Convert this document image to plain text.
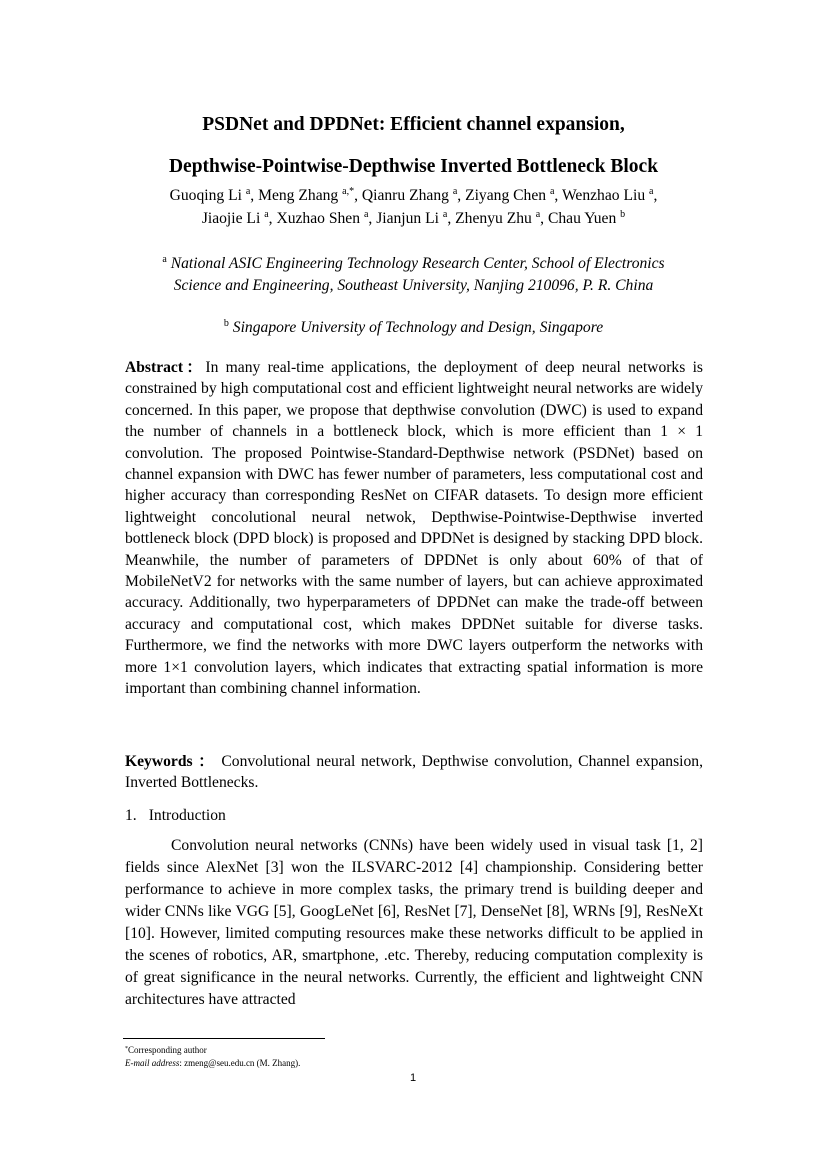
PSDNet and DPDNet: Efficient channel expansion,
Depthwise-Pointwise-Depthwise Inverted Bottleneck Block
Guoqing Li $^a$, Meng Zhang $^{a,*}$, Qianru Zhang $^a$, Ziyang Chen $^a$, Wenzhao Liu $^a$,
Jiaojie Li $^a$, Xuzhao Shen $^a$, Jianjun Li $^a$, Zhenyu Zhu $^a$, Chau Yuen $^b$
$^a$ National ASIC Engineering Technology Research Center, School of Electronics
Science and Engineering, Southeast University, Nanjing 210096, P. R. China
$^b$ Singapore University of Technology and Design, Singapore

Abstract：In many real-time applications, the deployment of deep neural networks is constrained by high computational cost and efficient lightweight neural networks are widely concerned. In this paper, we propose that depthwise convolution (DWC) is used to expand the number of channels in a bottleneck block, which is more efficient than 1 × 1 convolution. The proposed Pointwise-Standard-Depthwise network (PSDNet) based on channel expansion with DWC has fewer number of parameters, less computational cost and higher accuracy than corresponding ResNet on CIFAR datasets. To design more efficient lightweight concolutional neural netwok, Depthwise-Pointwise-Depthwise inverted bottleneck block (DPD block) is proposed and DPDNet is designed by stacking DPD block. Meanwhile, the number of parameters of DPDNet is only about 60% of that of MobileNetV2 for networks with the same number of layers, but can achieve approximated accuracy. Additionally, two hyperparameters of DPDNet can make the trade-off between accuracy and computational cost, which makes DPDNet suitable for diverse tasks. Furthermore, we find the networks with more DWC layers outperform the networks with more 1×1 convolution layers, which indicates that extracting spatial information is more important than combining channel information.

Keywords ： Convolutional neural network, Depthwise convolution, Channel expansion, Inverted Bottlenecks.

1. Introduction

Convolution neural networks (CNNs) have been widely used in visual task [1, 2] fields since AlexNet [3] won the ILSVARC-2012 [4] championship. Considering better performance to achieve in more complex tasks, the primary trend is building deeper and wider CNNs like VGG [5], GoogLeNet [6], ResNet [7], DenseNet [8], WRNs [9], ResNeXt [10]. However, limited computing resources make these networks difficult to be applied in the scenes of robotics, AR, smartphone, .etc. Thereby, reducing computation complexity is of great significance in the neural networks. Currently, the efficient and lightweight CNN architectures have attracted

*Corresponding author
E-mail address: zmeng@seu.edu.cn (M. Zhang).
1
